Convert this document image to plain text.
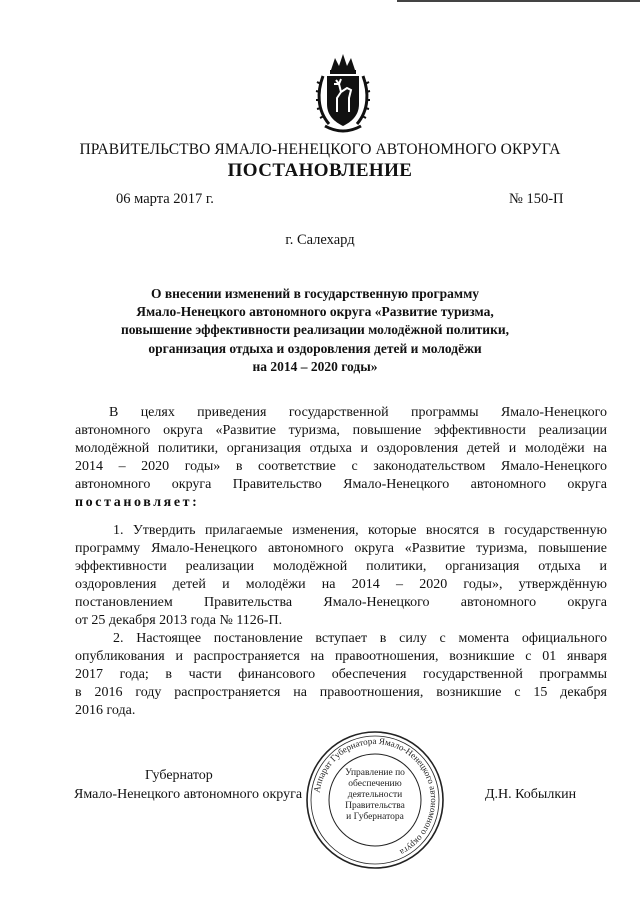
ПРАВИТЕЛЬСТВО ЯМАЛО-НЕНЕЦКОГО АВТОНОМНОГО ОКРУГА
ПОСТАНОВЛЕНИЕ
06 марта 2017 г.	№ 150-П
г. Салехард
О внесении изменений в государственную программу
Ямало-Ненецкого автономного округа «Развитие туризма,
повышение эффективности реализации молодёжной политики,
организация отдыха и оздоровления детей и молодёжи
на 2014 – 2020 годы»
В целях приведения государственной программы Ямало-Ненецкого
автономного округа «Развитие туризма, повышение эффективности реализации
молодёжной политики, организация отдыха и оздоровления детей и молодёжи на
2014 – 2020 годы» в соответствие с законодательством Ямало-Ненецкого
автономного округа Правительство Ямало-Ненецкого автономного округа
постановляет:
1. Утвердить прилагаемые изменения, которые вносятся в государственную
программу Ямало-Ненецкого автономного округа «Развитие туризма, повышение
эффективности реализации молодёжной политики, организация отдыха и
оздоровления детей и молодёжи на 2014 – 2020 годы», утверждённую
постановлением Правительства Ямало-Ненецкого автономного округа
от 25 декабря 2013 года № 1126-П.
2. Настоящее постановление вступает в силу с момента официального
опубликования и распространяется на правоотношения, возникшие с 01 января
2017 года; в части финансового обеспечения государственной программы
в 2016 году распространяется на правоотношения, возникшие с 15 декабря
2016 года.
Губернатор
Ямало-Ненецкого автономного округа	Д.Н. Кобылкин
Аппарат Губернатора Ямало-Ненецкого автономного округа
Управление по
обеспечению
деятельности
Правительства
и Губернатора
